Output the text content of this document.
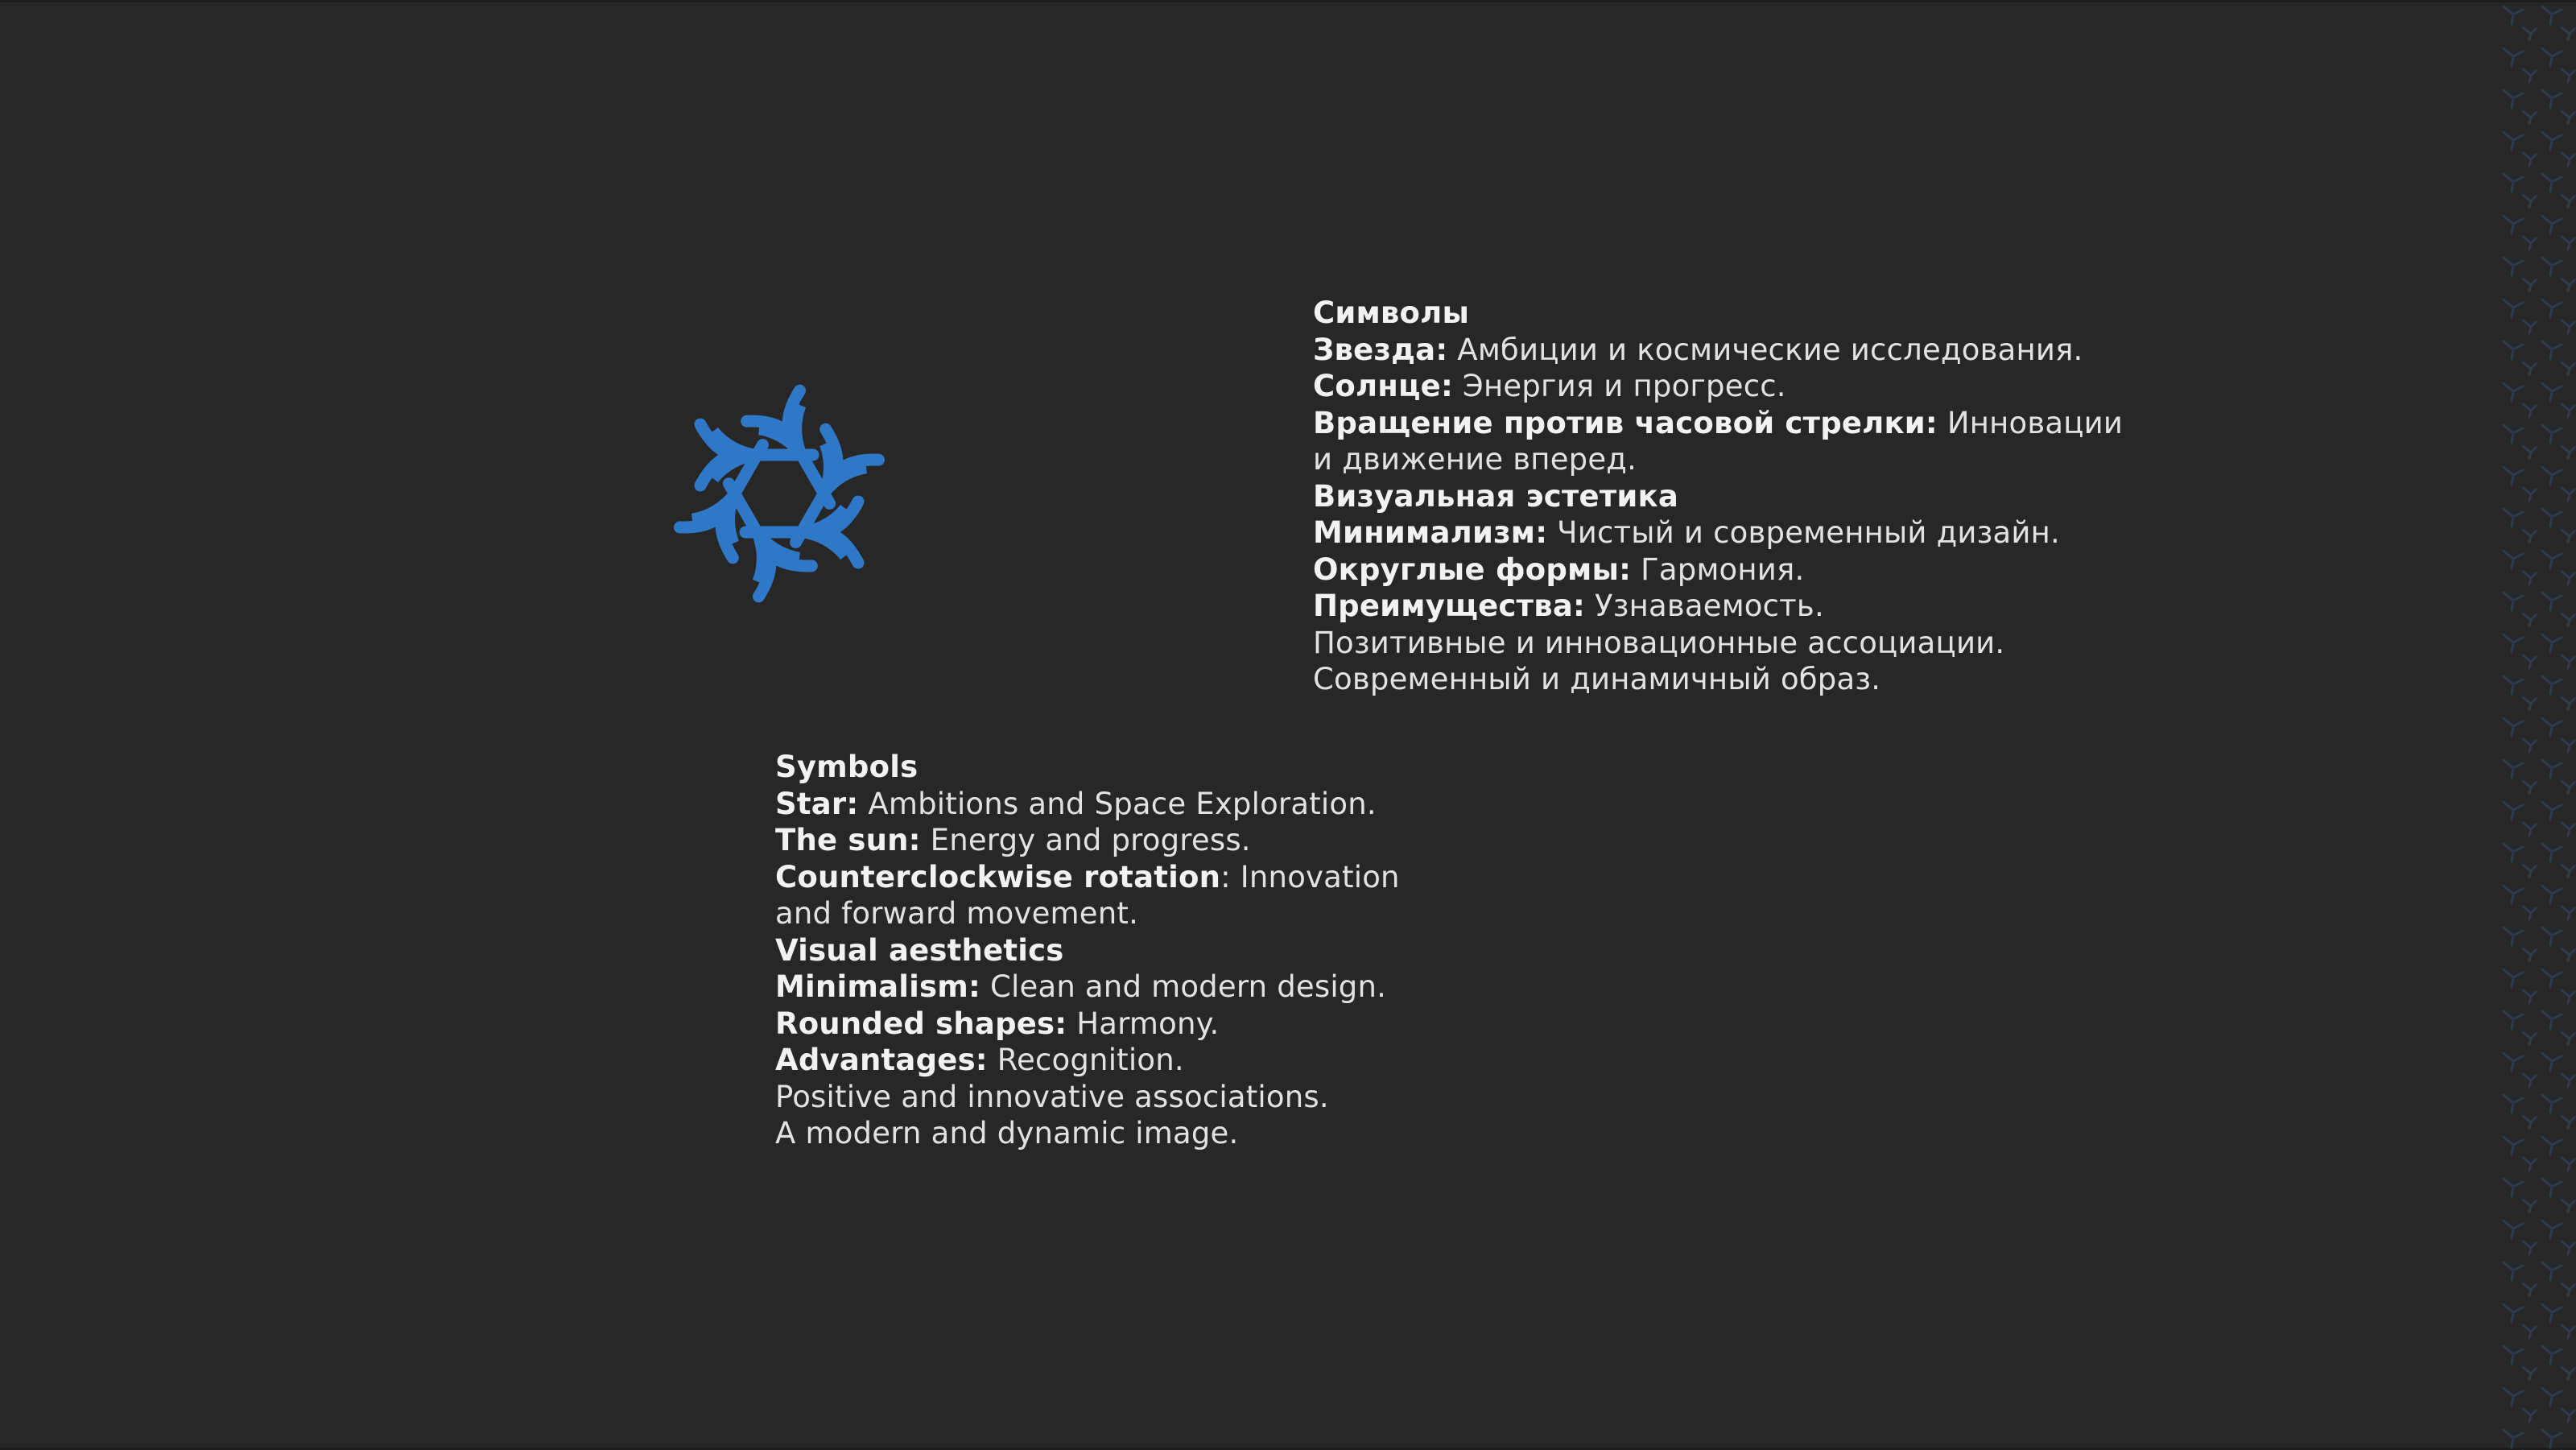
Символы
Звезда: Амбиции и космические исследования.
Солнце: Энергия и прогресс.
Вращение против часовой стрелки: Инновации
и движение вперед.
Визуальная эстетика
Минимализм: Чистый и современный дизайн.
Округлые формы: Гармония.
Преимущества: Узнаваемость.
Позитивные и инновационные ассоциации.
Современный и динамичный образ.
Symbols
Star: Ambitions and Space Exploration.
The sun: Energy and progress.
Counterclockwise rotation: Innovation
and forward movement.
Visual aesthetics
Minimalism: Clean and modern design.
Rounded shapes: Harmony.
Advantages: Recognition.
Positive and innovative associations.
A modern and dynamic image.
